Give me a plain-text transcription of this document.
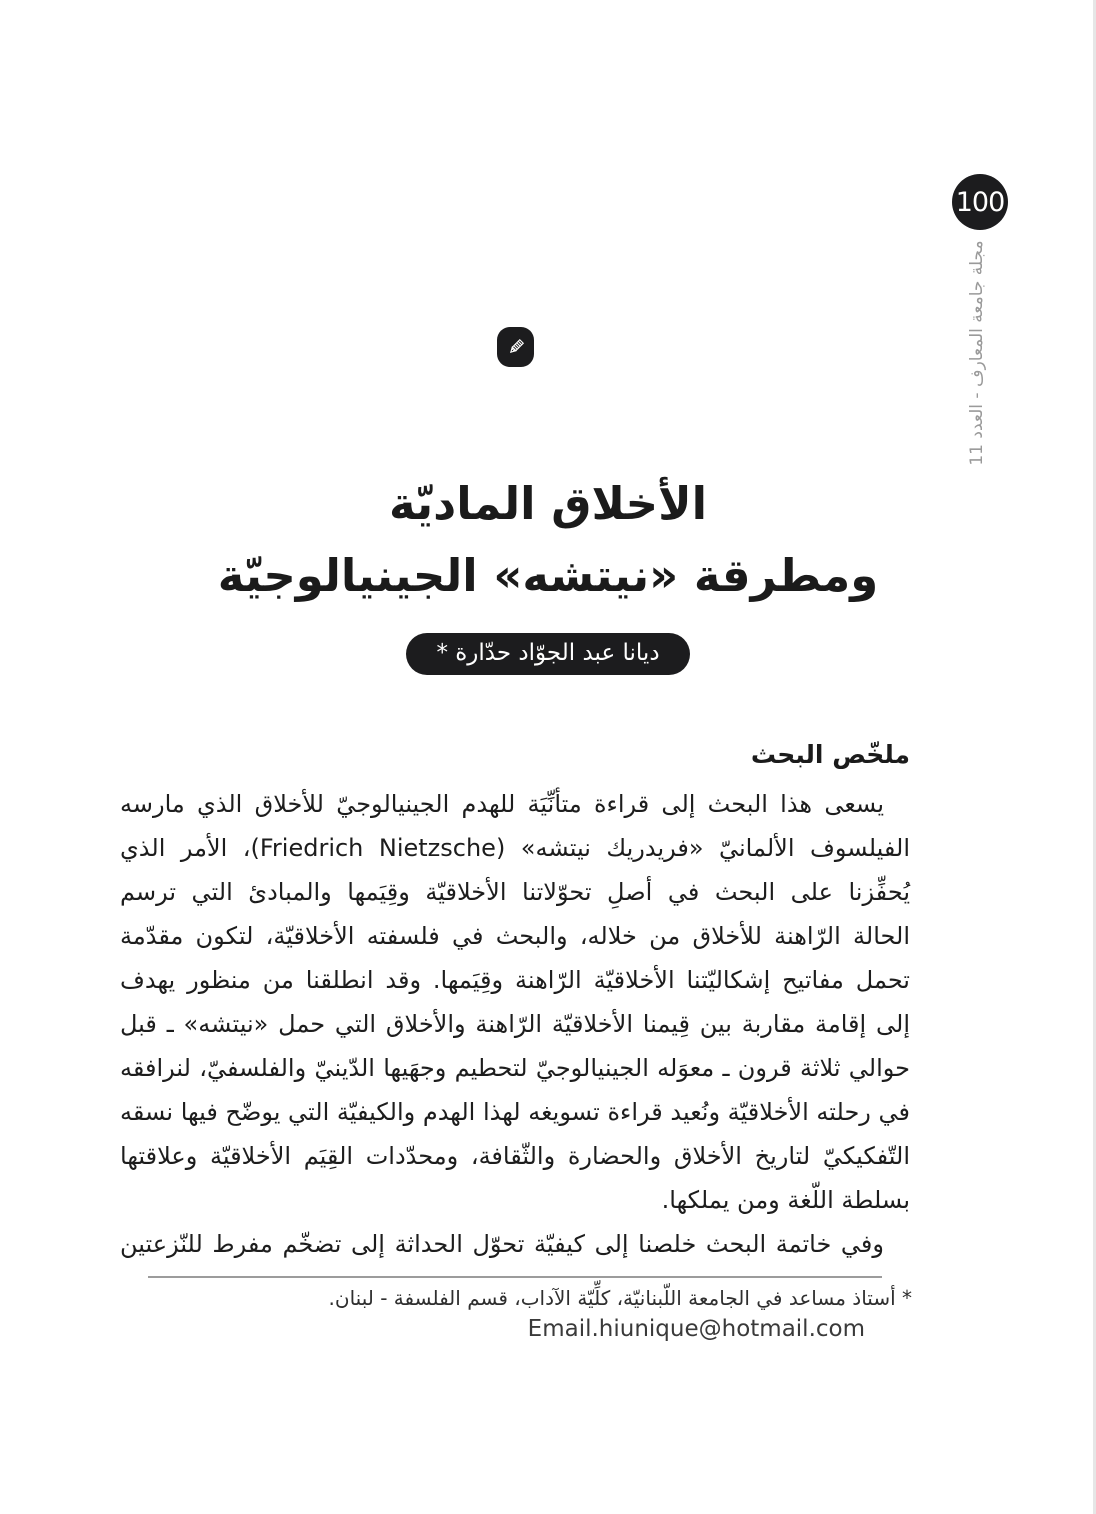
100
مجلة جامعة المعارف - العدد 11
الأخلاق الماديّة
ومطرقة «نيتشه» الجينيالوجيّة
ديانا عبد الجوّاد حدّارة *
ملخّص البحث
يسعى هذا البحث إلى قراءة متأنِّيَة للهدم الجينيالوجيّ للأخلاق الذي مارسه
الفيلسوف الألمانيّ «فريدريك نيتشه» (Friedrich Nietzsche)، الأمر الذي
يُحفِّزنا على البحث في أصلِ تحوّلاتنا الأخلاقيّة وقِيَمها والمبادئ التي ترسم
الحالة الرّاهنة للأخلاق من خلاله، والبحث في فلسفته الأخلاقيّة، لتكون مقدّمة
تحمل مفاتيح إشكاليّتنا الأخلاقيّة الرّاهنة وقِيَمها. وقد انطلقنا من منظور يهدف
إلى إقامة مقاربة بين قِيمنا الأخلاقيّة الرّاهنة والأخلاق التي حمل «نيتشه» ـ قبل
حوالي ثلاثة قرون ـ معوَله الجينيالوجيّ لتحطيم وجهَيها الدّينيّ والفلسفيّ، لنرافقه
في رحلته الأخلاقيّة ونُعيد قراءة تسويغه لهذا الهدم والكيفيّة التي يوضّح فيها نسقه
التّفكيكيّ لتاريخ الأخلاق والحضارة والثّقافة، ومحدّدات القِيَم الأخلاقيّة وعلاقتها
بسلطة اللّغة ومن يملكها.
وفي خاتمة البحث خلصنا إلى كيفيّة تحوّل الحداثة إلى تضخّم مفرط للنّزعتين
* أستاذ مساعد في الجامعة اللّبنانيّة، كلِّيّة الآداب، قسم الفلسفة - لبنان.
Email.hiunique@hotmail.com
